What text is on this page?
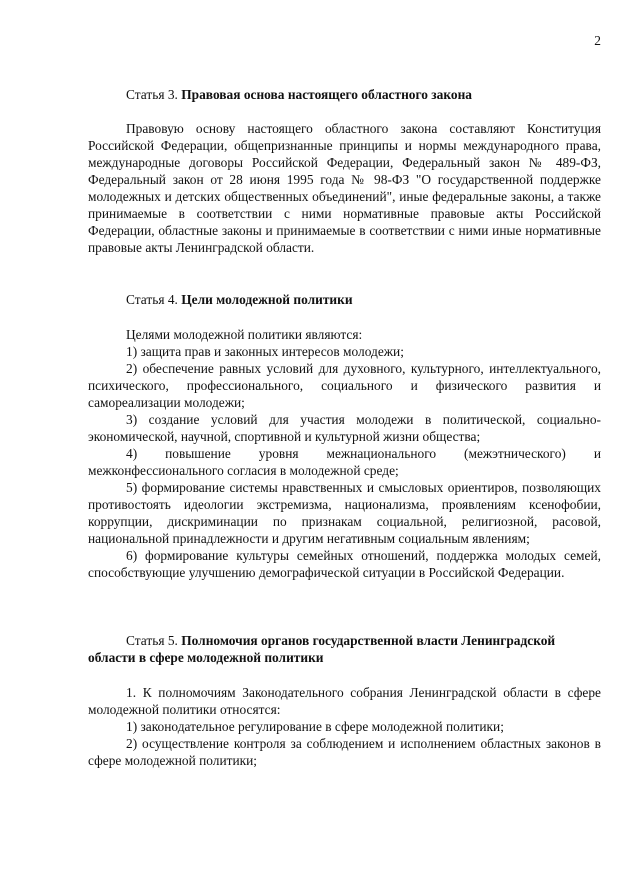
2
Статья 3. Правовая основа настоящего областного закона

Правовую основу настоящего областного закона составляют Конституция Российской Федерации, общепризнанные принципы и нормы международного права, международные договоры Российской Федерации, Федеральный закон № 489-ФЗ, Федеральный закон от 28 июня 1995 года № 98-ФЗ "О государственной поддержке молодежных и детских общественных объединений", иные федеральные законы, а также принимаемые в соответствии с ними нормативные правовые акты Российской Федерации, областные законы и принимаемые в соответствии с ними иные нормативные правовые акты Ленинградской области.

Статья 4. Цели молодежной политики

Целями молодежной политики являются:

1) защита прав и законных интересов молодежи;

2) обеспечение равных условий для духовного, культурного, интеллектуального, психического, профессионального, социального и физического развития и самореализации молодежи;

3) создание условий для участия молодежи в политической, социально-экономической, научной, спортивной и культурной жизни общества;

4) повышение уровня межнационального (межэтнического) и межконфессионального согласия в молодежной среде;

5) формирование системы нравственных и смысловых ориентиров, позволяющих противостоять идеологии экстремизма, национализма, проявлениям ксенофобии, коррупции, дискриминации по признакам социальной, религиозной, расовой, национальной принадлежности и другим негативным социальным явлениям;

6) формирование культуры семейных отношений, поддержка молодых семей, способствующие улучшению демографической ситуации в Российской Федерации.

Статья 5. Полномочия органов государственной власти Ленинградской области в сфере молодежной политики

1. К полномочиям Законодательного собрания Ленинградской области в сфере молодежной политики относятся:

1) законодательное регулирование в сфере молодежной политики;

2) осуществление контроля за соблюдением и исполнением областных законов в сфере молодежной политики;
